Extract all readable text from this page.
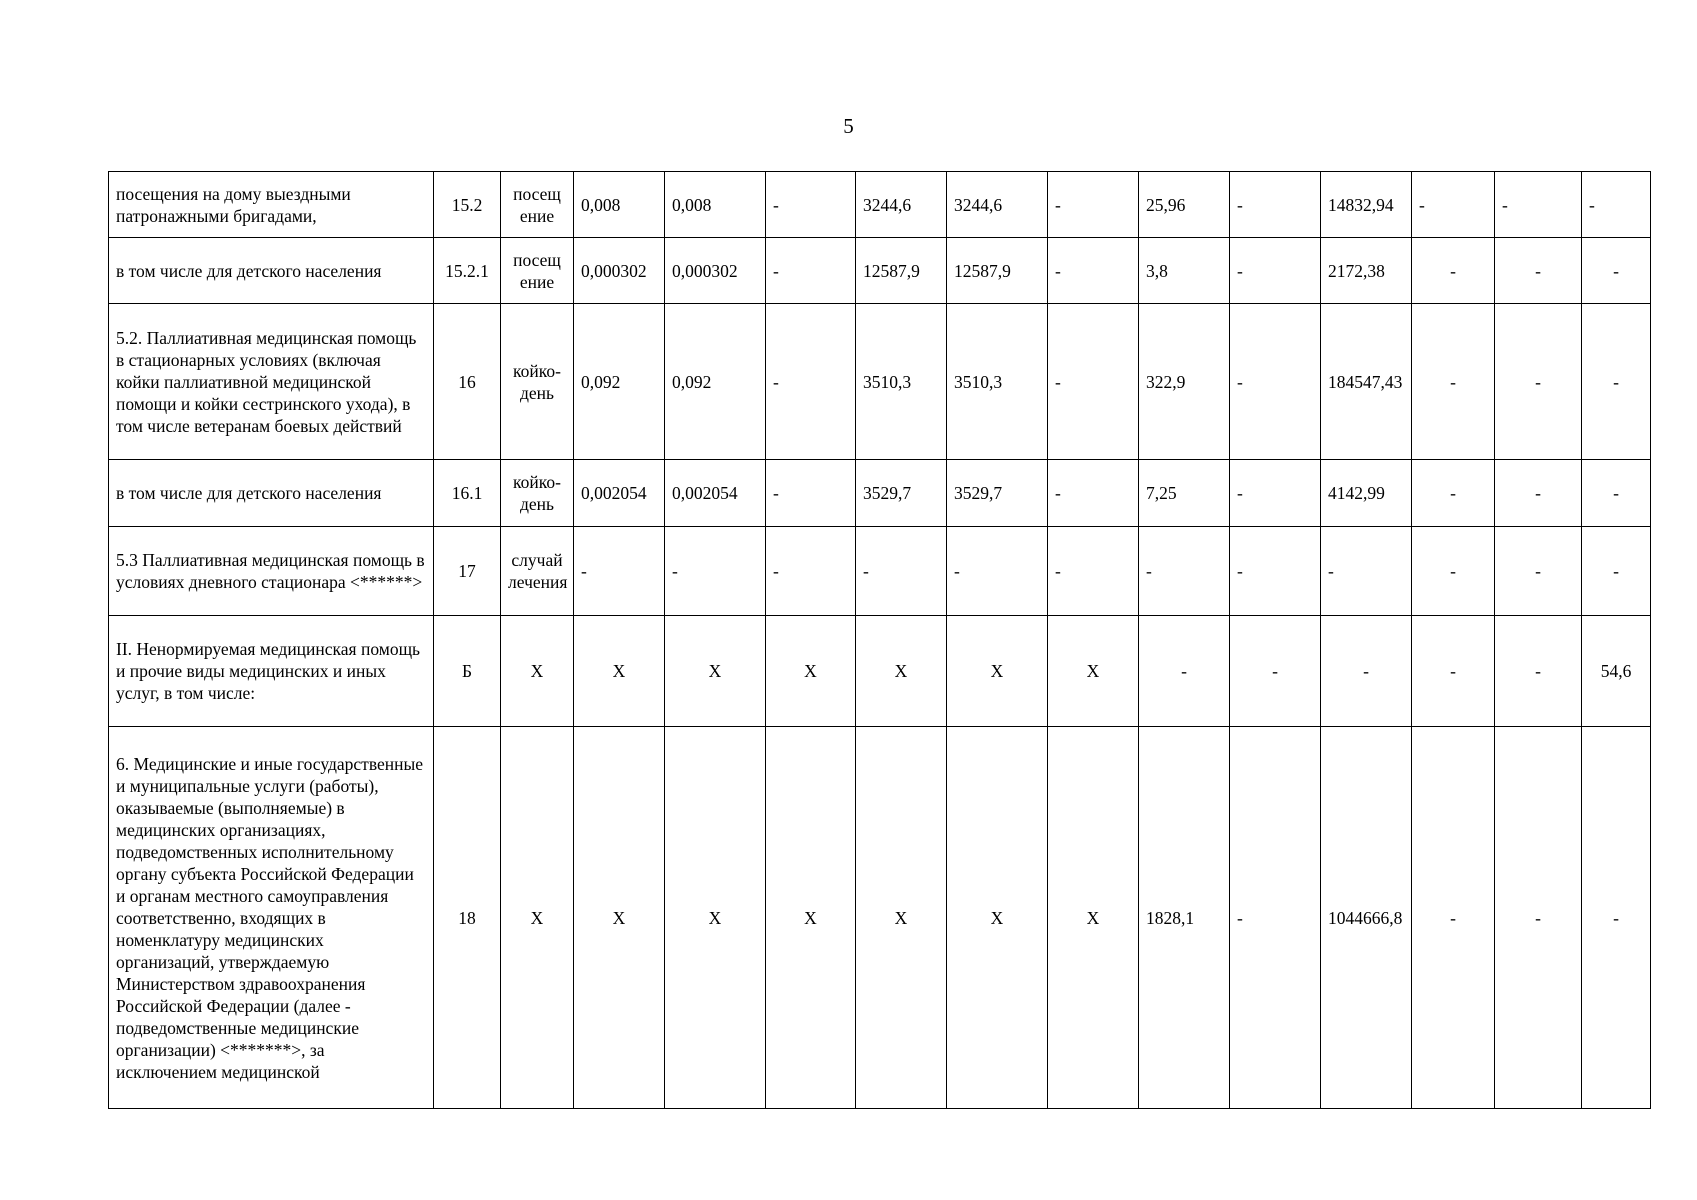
5
посещения на дому выездными патронажными бригадами,	15.2	посещ ение	0,008	0,008	-	3244,6	3244,6	-	25,96	-	14832,94	-	-	-
в том числе для детского населения	15.2.1	посещ ение	0,000302	0,000302	-	12587,9	12587,9	-	3,8	-	2172,38	-	-	-
5.2. Паллиативная медицинская помощь в стационарных условиях (включая койки паллиативной медицинской помощи и койки сестринского ухода), в том числе ветеранам боевых действий	16	койко-день	0,092	0,092	-	3510,3	3510,3	-	322,9	-	184547,43	-	-	-
в том числе для детского населения	16.1	койко-день	0,002054	0,002054	-	3529,7	3529,7	-	7,25	-	4142,99	-	-	-
5.3 Паллиативная медицинская помощь в условиях дневного стационара <******>	17	случай лечения	-	-	-	-	-	-	-	-	-	-	-	-
II. Ненормируемая медицинская помощь и прочие виды медицинских и иных услуг, в том числе:	Б	Х	Х	Х	Х	Х	Х	Х	-	-	-	-	-	54,6
6. Медицинские и иные государственные и муниципальные услуги (работы), оказываемые (выполняемые) в медицинских организациях, подведомственных исполнительному органу субъекта Российской Федерации и органам местного самоуправления соответственно, входящих в номенклатуру медицинских организаций, утверждаемую Министерством здравоохранения Российской Федерации (далее - подведомственные медицинские организации) <*******>, за исключением медицинской	18	Х	Х	Х	Х	Х	Х	Х	1828,1	-	1044666,8	-	-	-
